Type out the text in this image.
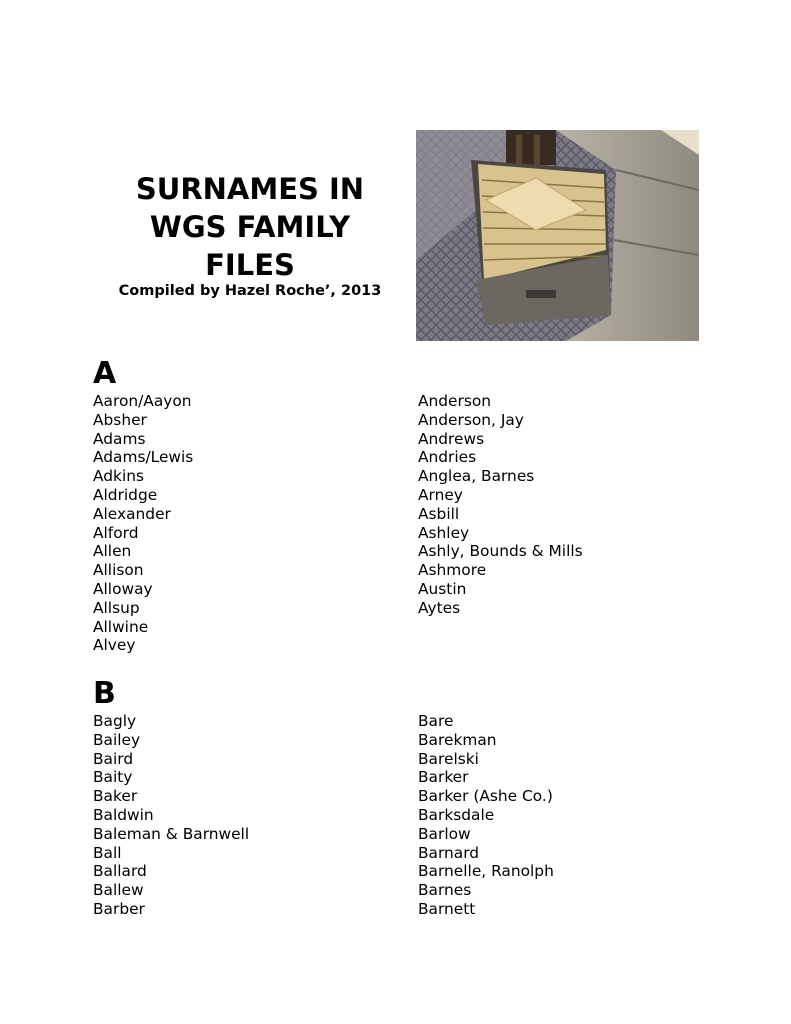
SURNAMES IN
WGS FAMILY
FILES
Compiled by Hazel Roche’, 2013
A
Aaron/Aayon
Absher
Adams
Adams/Lewis
Adkins
Aldridge
Alexander
Alford
Allen
Allison
Alloway
Allsup
Allwine
Alvey
Anderson
Anderson, Jay
Andrews
Andries
Anglea, Barnes
Arney
Asbill
Ashley
Ashly, Bounds & Mills
Ashmore
Austin
Aytes
B
Bagly
Bailey
Baird
Baity
Baker
Baldwin
Baleman & Barnwell
Ball
Ballard
Ballew
Barber
Bare
Barekman
Barelski
Barker
Barker (Ashe Co.)
Barksdale
Barlow
Barnard
Barnelle, Ranolph
Barnes
Barnett
